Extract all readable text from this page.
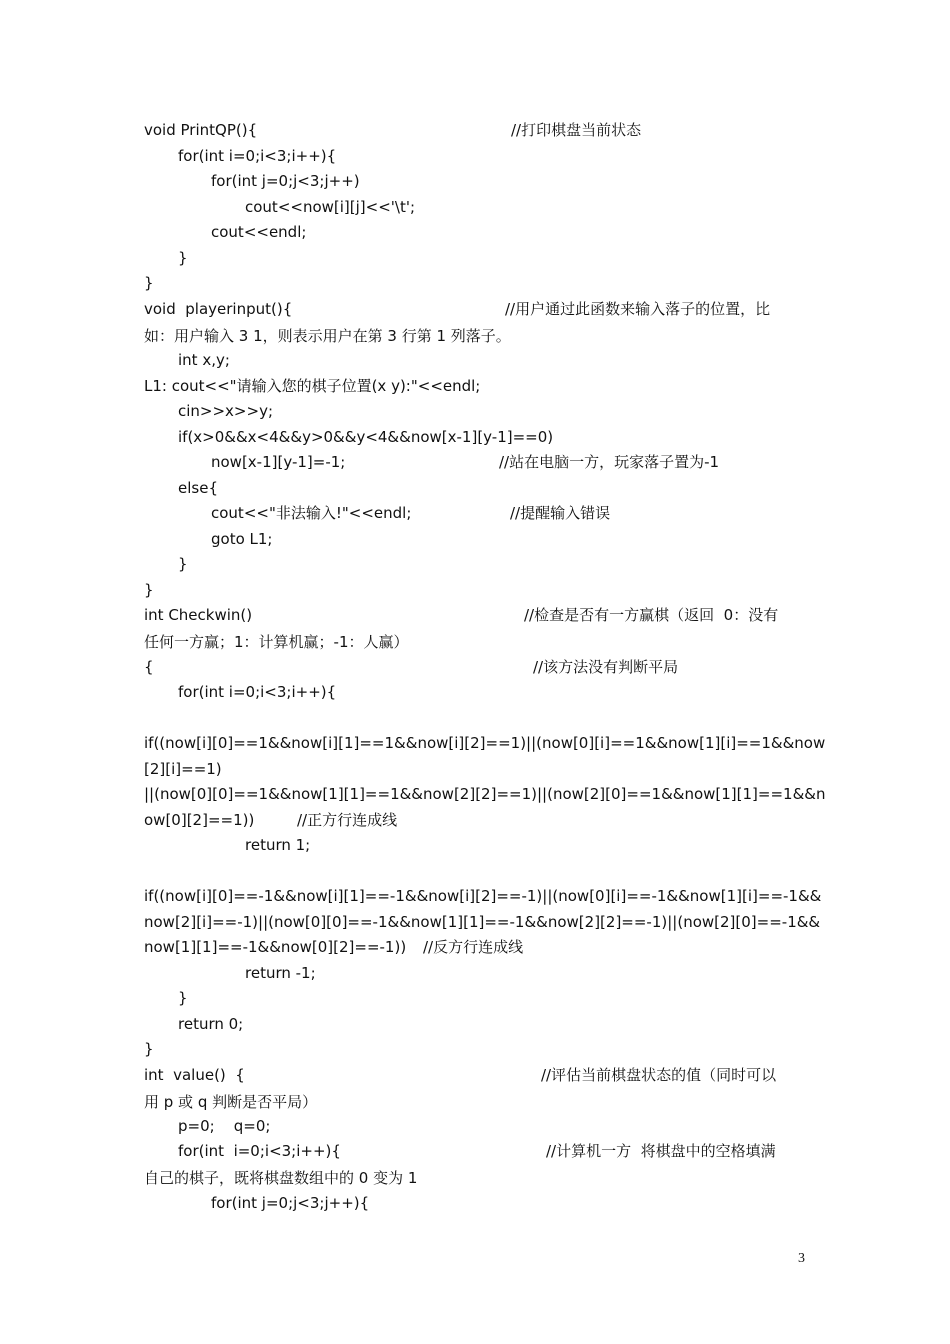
void PrintQP(){	//打印棋盘当前状态
for(int i=0;i<3;i++){
for(int j=0;j<3;j++)
cout<<now[i][j]<<'\t';
cout<<endl;
}
}
void  playerinput(){	//用户通过此函数来输入落子的位置，比
如：用户输入 3 1，则表示用户在第 3 行第 1 列落子。
int x,y;
L1: cout<<"请输入您的棋子位置(x y):"<<endl;
cin>>x>>y;
if(x>0&&x<4&&y>0&&y<4&&now[x-1][y-1]==0)
now[x-1][y-1]=-1;	//站在电脑一方，玩家落子置为-1
else{
cout<<"非法输入!"<<endl;	//提醒输入错误
goto L1;
}
}
int Checkwin()	//检查是否有一方赢棋（返回  0：没有
任何一方赢；1：计算机赢；-1：人赢）
{	//该方法没有判断平局
for(int i=0;i<3;i++){
if((now[i][0]==1&&now[i][1]==1&&now[i][2]==1)||(now[0][i]==1&&now[1][i]==1&&now
[2][i]==1)
||(now[0][0]==1&&now[1][1]==1&&now[2][2]==1)||(now[2][0]==1&&now[1][1]==1&&n
ow[0][2]==1))	//正方行连成线
return 1;
if((now[i][0]==-1&&now[i][1]==-1&&now[i][2]==-1)||(now[0][i]==-1&&now[1][i]==-1&&
now[2][i]==-1)||(now[0][0]==-1&&now[1][1]==-1&&now[2][2]==-1)||(now[2][0]==-1&&
now[1][1]==-1&&now[0][2]==-1)) //反方行连成线
return -1;
}
return 0;
}
int  value()  {	//评估当前棋盘状态的值（同时可以
用 p 或 q 判断是否平局）
p=0;    q=0;
for(int  i=0;i<3;i++){	//计算机一方  将棋盘中的空格填满
自己的棋子，既将棋盘数组中的 0 变为 1
for(int j=0;j<3;j++){
3
